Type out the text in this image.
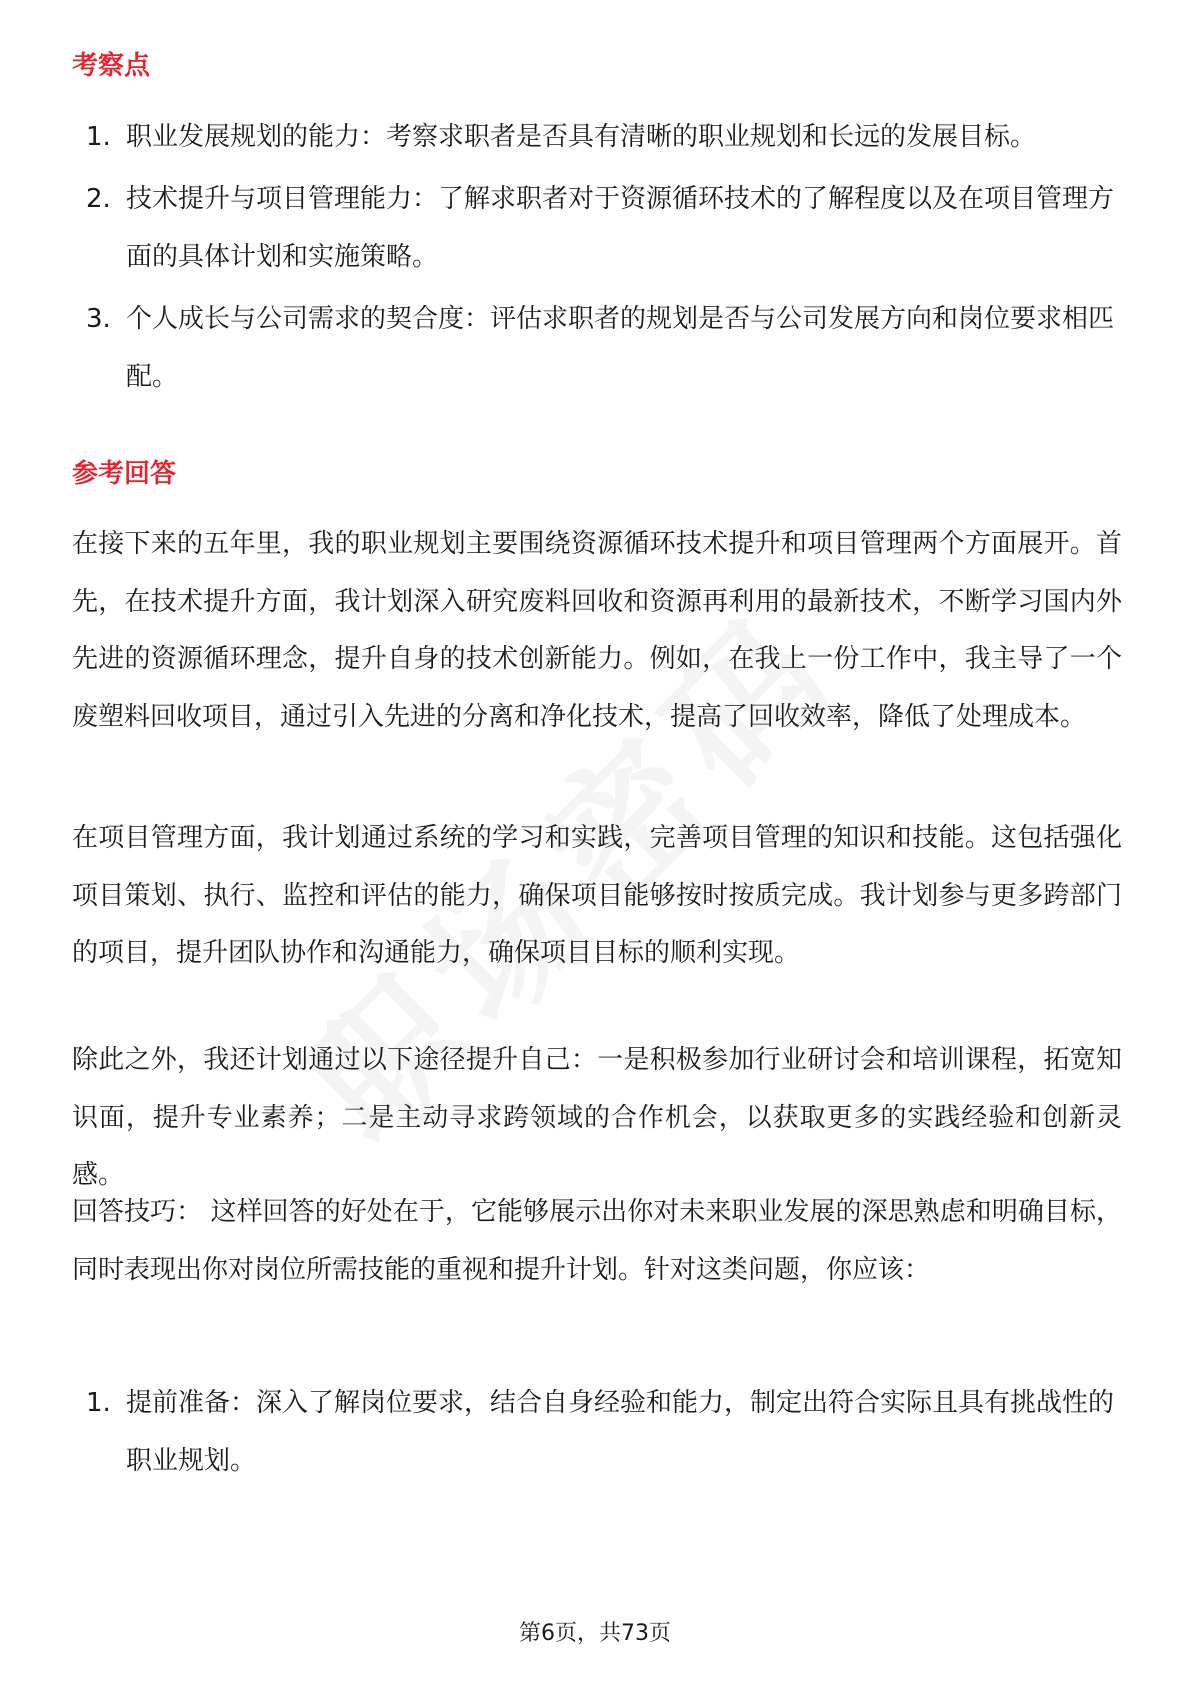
考察点
1. 职业发展规划的能力：考察求职者是否具有清晰的职业规划和长远的发展目标。
2. 技术提升与项目管理能力：了解求职者对于资源循环技术的了解程度以及在项目管理方面的具体计划和实施策略。
3. 个人成长与公司需求的契合度：评估求职者的规划是否与公司发展方向和岗位要求相匹配。
参考回答

在接下来的五年里，我的职业规划主要围绕资源循环技术提升和项目管理两个方面展开。首先，在技术提升方面，我计划深入研究废料回收和资源再利用的最新技术，不断学习国内外先进的资源循环理念，提升自身的技术创新能力。例如，在我上一份工作中，我主导了一个废塑料回收项目，通过引入先进的分离和净化技术，提高了回收效率，降低了处理成本。

在项目管理方面，我计划通过系统的学习和实践，完善项目管理的知识和技能。这包括强化项目策划、执行、监控和评估的能力，确保项目能够按时按质完成。我计划参与更多跨部门的项目，提升团队协作和沟通能力，确保项目目标的顺利实现。

除此之外，我还计划通过以下途径提升自己：一是积极参加行业研讨会和培训课程，拓宽知识面，提升专业素养；二是主动寻求跨领域的合作机会，以获取更多的实践经验和创新灵感。

回答技巧： 这样回答的好处在于，它能够展示出你对未来职业发展的深思熟虑和明确目标，同时表现出你对岗位所需技能的重视和提升计划。针对这类问题，你应该：

1. 提前准备：深入了解岗位要求，结合自身经验和能力，制定出符合实际且具有挑战性的职业规划。
第6页，共73页
